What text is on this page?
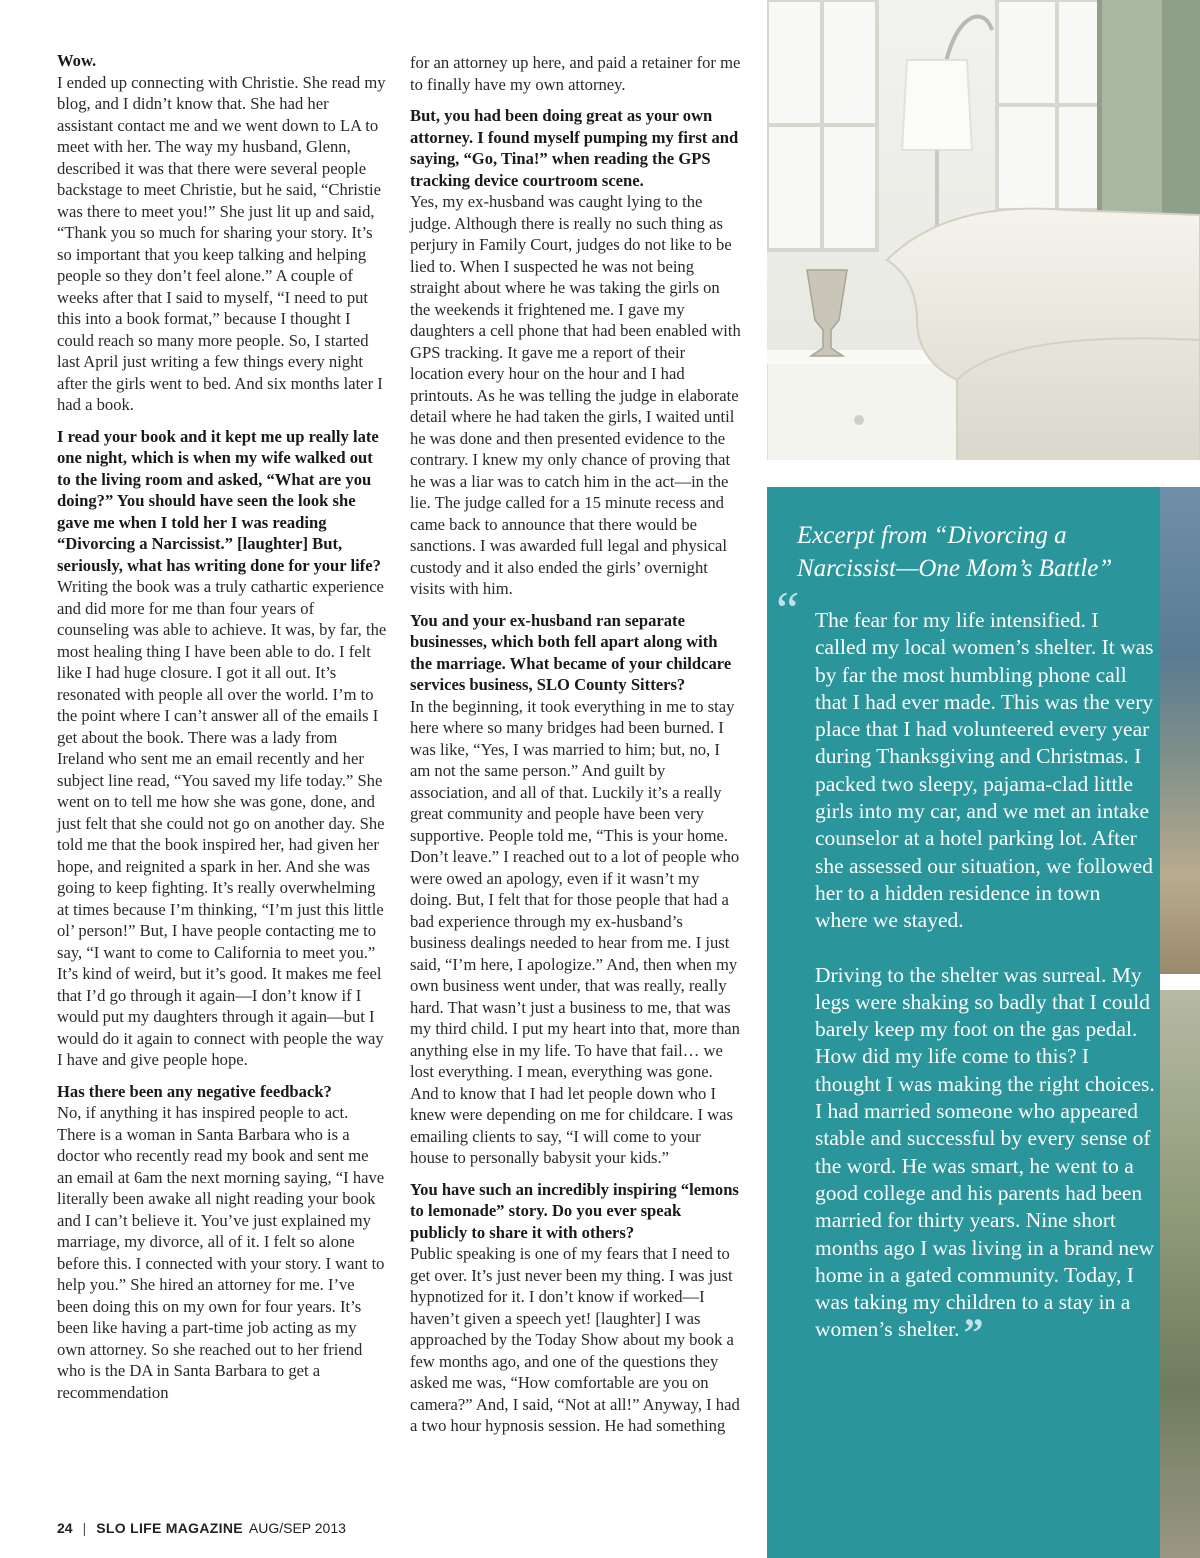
Wow.
I ended up connecting with Christie. She read my blog, and I didn’t know that. She had her assistant contact me and we went down to LA to meet with her. The way my husband, Glenn, described it was that there were several people backstage to meet Christie, but he said, “Christie was there to meet you!” She just lit up and said, “Thank you so much for sharing your story. It’s so important that you keep talking and helping people so they don’t feel alone.” A couple of weeks after that I said to myself, “I need to put this into a book format,” because I thought I could reach so many more people. So, I started last April just writing a few things every night after the girls went to bed. And six months later I had a book.

I read your book and it kept me up really late one night, which is when my wife walked out to the living room and asked, “What are you doing?” You should have seen the look she gave me when I told her I was reading “Divorcing a Narcissist.” [laughter] But, seriously, what has writing done for your life?
Writing the book was a truly cathartic experience and did more for me than four years of counseling was able to achieve. It was, by far, the most healing thing I have been able to do. I felt like I had huge closure. I got it all out. It’s resonated with people all over the world. I’m to the point where I can’t answer all of the emails I get about the book. There was a lady from Ireland who sent me an email recently and her subject line read, “You saved my life today.” She went on to tell me how she was gone, done, and just felt that she could not go on another day. She told me that the book inspired her, had given her hope, and reignited a spark in her. And she was going to keep fighting. It’s really overwhelming at times because I’m thinking, “I’m just this little ol’ person!” But, I have people contacting me to say, “I want to come to California to meet you.” It’s kind of weird, but it’s good. It makes me feel that I’d go through it again—I don’t know if I would put my daughters through it again—but I would do it again to connect with people the way I have and give people hope.

Has there been any negative feedback?
No, if anything it has inspired people to act. There is a woman in Santa Barbara who is a doctor who recently read my book and sent me an email at 6am the next morning saying, “I have literally been awake all night reading your book and I can’t believe it. You’ve just explained my marriage, my divorce, all of it. I felt so alone before this. I connected with your story. I want to help you.” She hired an attorney for me. I’ve been doing this on my own for four years. It’s been like having a part-time job acting as my own attorney. So she reached out to her friend who is the DA in Santa Barbara to get a recommendation

for an attorney up here, and paid a retainer for me to finally have my own attorney.

But, you had been doing great as your own attorney. I found myself pumping my first and saying, “Go, Tina!” when reading the GPS tracking device courtroom scene.
Yes, my ex-husband was caught lying to the judge. Although there is really no such thing as perjury in Family Court, judges do not like to be lied to. When I suspected he was not being straight about where he was taking the girls on the weekends it frightened me. I gave my daughters a cell phone that had been enabled with GPS tracking. It gave me a report of their location every hour on the hour and I had printouts. As he was telling the judge in elaborate detail where he had taken the girls, I waited until he was done and then presented evidence to the contrary. I knew my only chance of proving that he was a liar was to catch him in the act—in the lie. The judge called for a 15 minute recess and came back to announce that there would be sanctions. I was awarded full legal and physical custody and it also ended the girls’ overnight visits with him.

You and your ex-husband ran separate businesses, which both fell apart along with the marriage. What became of your childcare services business, SLO County Sitters?
In the beginning, it took everything in me to stay here where so many bridges had been burned. I was like, “Yes, I was married to him; but, no, I am not the same person.” And guilt by association, and all of that. Luckily it’s a really great community and people have been very supportive. People told me, “This is your home. Don’t leave.” I reached out to a lot of people who were owed an apology, even if it wasn’t my doing. But, I felt that for those people that had a bad experience through my ex-husband’s business dealings needed to hear from me. I just said, “I’m here, I apologize.” And, then when my own business went under, that was really, really hard. That wasn’t just a business to me, that was my third child. I put my heart into that, more than anything else in my life. To have that fail… we lost everything. I mean, everything was gone. And to know that I had let people down who I knew were depending on me for childcare. I was emailing clients to say, “I will come to your house to personally babysit your kids.”

You have such an incredibly inspiring “lemons to lemonade” story. Do you ever speak publicly to share it with others?
Public speaking is one of my fears that I need to get over. It’s just never been my thing. I was just hypnotized for it. I don’t know if worked—I haven’t given a speech yet! [laughter] I was approached by the Today Show about my book a few months ago, and one of the questions they asked me was, “How comfortable are you on camera?” And, I said, “Not at all!” Anyway, I had a two hour hypnosis session. He had something

Excerpt from “Divorcing a Narcissist—One Mom’s Battle”
“ The fear for my life intensified. I called my local women’s shelter. It was by far the most humbling phone call that I had ever made. This was the very place that I had volunteered every year during Thanksgiving and Christmas. I packed two sleepy, pajama-clad little girls into my car, and we met an intake counselor at a hotel parking lot. After she assessed our situation, we followed her to a hidden residence in town where we stayed.

Driving to the shelter was surreal. My legs were shaking so badly that I could barely keep my foot on the gas pedal. How did my life come to this? I thought I was making the right choices. I had married someone who appeared stable and successful by every sense of the word. He was smart, he went to a good college and his parents had been married for thirty years. Nine short months ago I was living in a brand new home in a gated community. Today, I was taking my children to a stay in a women’s shelter. ”

24 | SLO LIFE MAGAZINE AUG/SEP 2013
